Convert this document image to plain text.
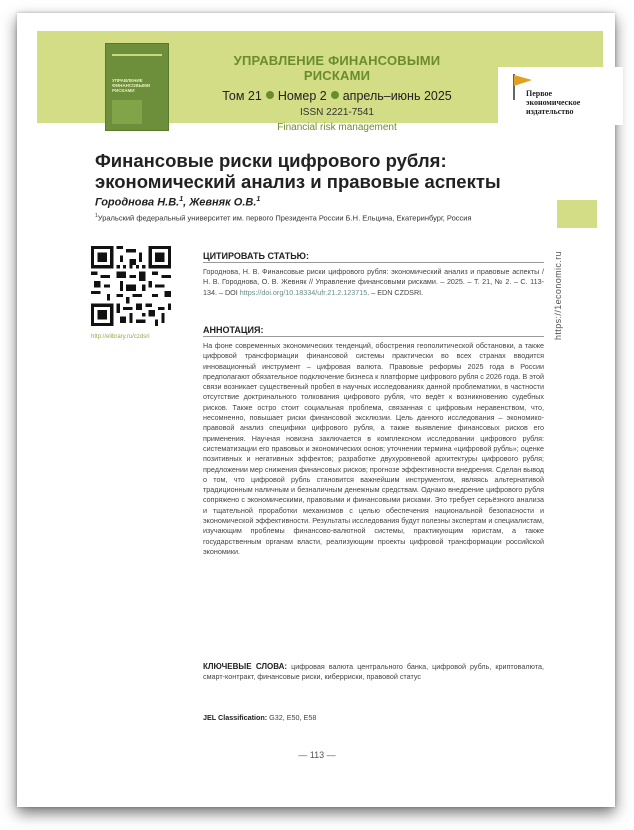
УПРАВЛЕНИЕ ФИНАНСОВЫМИ РИСКАМИ
УПРАВЛЕНИЕ ФИНАНСОВЫМИ РИСКАМИ
Том 21 Номер 2 апрель–июнь 2025
ISSN 2221-7541
Financial risk management
Первое
экономическое
издательство
Финансовые риски цифрового рубля:
экономический анализ и правовые аспекты
Городнова Н.В.$^1$, Жевняк О.В.$^1$
$^1$Уральский федеральный университет им. первого Президента России Б.Н. Ельцина, Екатеринбург, Россия
https://1economic.ru
http://elibrary.ru/czdsri
ЦИТИРОВАТЬ СТАТЬЮ:
Городнова, Н. В. Финансовые риски цифрового рубля: экономический анализ и правовые аспекты / Н. В. Городнова, О. В. Жевняк // Управление финансовыми рисками. – 2025. – Т. 21, № 2. – С. 113-134. – DOI https://doi.org/10.18334/ufr.21.2.123715. – EDN CZDSRI.
АННОТАЦИЯ:
На фоне современных экономических тенденций, обострения геополитической обстановки, а также цифровой трансформации финансовой системы практически во всех странах вводится инновационный инструмент – цифровая валюта. Правовые реформы 2025 года в России предполагают обязательное подключение бизнеса к платформе цифрового рубля с 2026 года. В этой связи возникает существенный пробел в научных исследованиях данной проблематики, в частности отсутствие доктринального толкования цифрового рубля, что ведёт к возникновению судебных рисков. Также остро стоит социальная проблема, связанная с цифровым неравенством, что, несомненно, повышает риски финансовой эксклюзии. Цель данного исследования – экономико-правовой анализ специфики цифрового рубля, а также выявление финансовых рисков его применения. Научная новизна заключается в комплексном исследовании цифрового рубля: систематизации его правовых и экономических основ; уточнении термина «цифровой рубль»; оценке позитивных и негативных эффектов; разработке двухуровневой архитектуры цифрового рубля; предложении мер снижения финансовых рисков; прогнозе эффективности внедрения. Сделан вывод о том, что цифровой рубль становится важнейшим инструментом, являясь альтернативой традиционным наличным и безналичным денежным средствам. Однако внедрение цифрового рубля сопряжено с экономическими, правовыми и финансовыми рисками. Это требует серьёзного анализа и тщательной проработки механизмов с целью обеспечения национальной безопасности и экономической эффективности. Результаты исследования будут полезны экспертам и специалистам, изучающим проблемы финансово-валютной системы, практикующим юристам, а также государственным органам власти, реализующим проекты цифровой трансформации российской экономики.
КЛЮЧЕВЫЕ СЛОВА: цифровая валюта центрального банка, цифровой рубль, криптовалюта, смарт-контракт, финансовые риски, киберриски, правовой статус
JEL Classification: G32, E50, E58
— 113 —
